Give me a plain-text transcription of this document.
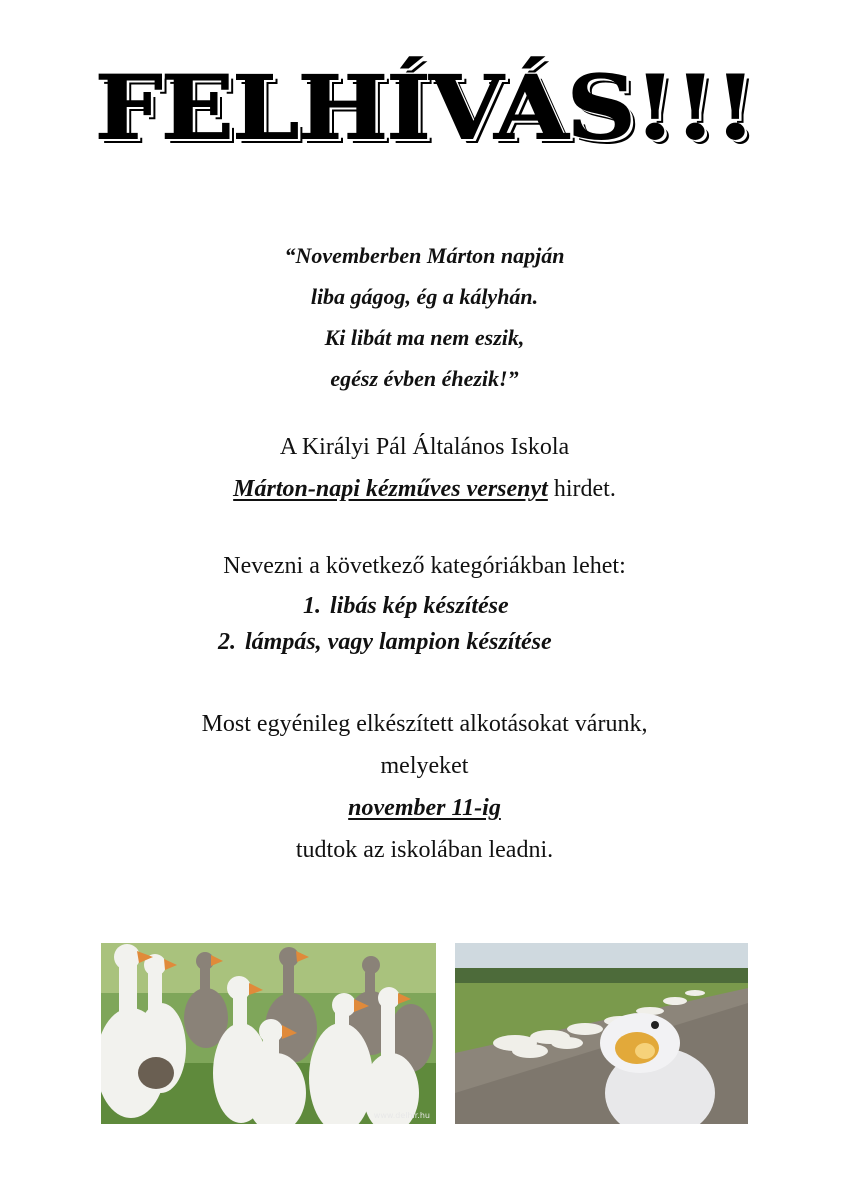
FELHÍVÁS!!!
“Novemberben Márton napján
liba gágog, ég a kályhán.
Ki libát ma nem eszik,
egész évben éhezik!”
A Királyi Pál Általános Iskola
Márton-napi kézműves versenyt hirdet.
Nevezni a következő kategóriákban lehet:
1. libás kép készítése
2. lámpás, vagy lampion készítése
Most egyénileg elkészített alkotásokat várunk,
melyeket
november 11-ig
tudtok az iskolában leadni.
www.delhir.hu
